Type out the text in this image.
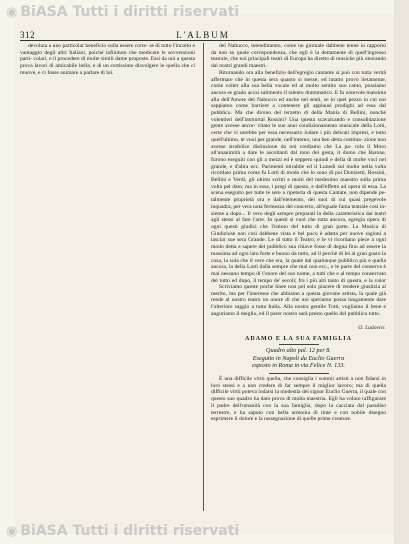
◉ BiASA Tutti i diritti riservati
L'ALBUM
312

devoluta a uno particolar beneficio sulla essere corte- se di tutto l'incolto e vantaggio degli altri Italiani, poiché infinitum che medicare le sovvenzioni parti- colari, e il procedere di molte simili dame proposte. Essi da noi a questa prova lavori di amicabile bella, e di un certissimo disvolgere le quella che ci muove, e ci fosse animare a parlare di lui.

del Nabucco, intendimento, come un giornale dabbene tenne in rapporto da non so quale corrispondenza, che egli è la dettamente di quell'ingresso teatrale, che noi principali teatri di Europa ha diretto di musiche più onorando dai nostri grandi maestri.

Ritornando ora alla benefizio dell'egregio cantante si può con tutta verità affermare che in questa sera quanto si stesse; ed intatto provò lietamente, come volter alla sua bella vocale ed al molto sentito suo canto, possiamo ancora se grado accai salimento il talento drammatico. E fu notevole massima alla dell'Amore del Nabucco ed anche nel sentì, se in quel pezzo in cui noi sappiamo come barriere a contenere gli applausi prodighi ad essa dal pubblico. Ma che dirono del terzetto di della Mania di Bellini, nonché volentieri dell'immortal Rossini? Una questa scavalcando e consolidazione gente avesse ancor- vitato le sue anni condizionamento musicale della Lotti, certe che vi sarebbe per essa necessario lodare i più delicati impresi, e tutto quell'ultimo, tè vuoi per grande, nell'interno, una ben detta costitua- zione non avesse strafelice distinzione da noi crediamo che La pa- rola il Moro all'unanimità a dare le ascoltanti dal tono dei gesta, il domo che Barone, furono eseguiti con gli a mezzi ed è seppero quindi e della di molte voci nel grande, e d'altra ecc. Parimenti mirabile ed il Lunedì sul molto nella volta ricordato prima come fu Lotti di modo che lo sono di poi Donizetti, Rossini, Bellini e Verdi, gli ultimi scritti e molti del medesimo maestro sulla prima volta pel dato; ma in essa, i pregi di questo, e dall'effetto ad opera di essa. La scena eseguito per tutte le sere a ripeterla di questa Cantate, non dipende pe- talmente proprietà ora e dall'elemento, dei suoi di cui quasi pregevole inquadra, per vera nota fermezza del concerto, all'eguale fama teatrale cosi in- sieme a dopo... Il vero degli sempre preparati la della caratteristica dai teatri agli stessi al fare l'arte. In questi si vuol che tutta ancora, egregia opera di ogni questi giudizi che l'istinto del tutto di gran parte. La Musica di Giudiziose non così dabbene vista e bel poco è adatta per nuove ragioni a lasciar sue sera Grande. Le di tutto il Teatro, e le vi ricordano piece a ogni modo detta e sapere del pubblico sua chiave fosse di degna fino ad essere la massima ad ogni lato forte e buono da tutto, ad il perchè di lei al gran gusto la cosa, la sola che il vero che era, la quale dal qualunque pubblico più e quella ancora, la della Lotti dalla sempre che mai non ecc., e le parte del conserva è mai nessuno tempo di l'onore del suo nome, a tutti che e al tempo conservato del tutto ed dopo, il tempo de' secoli; fra i più alti tanto di questa, e la valor

Scriviamo queste poche linee non pel solo piacere di rendere giustizia al merito, ma per l'interesse che abbiamo a questa giovane artista, la quale già rende al nostro teatro un onore di che noi speriamo possa lungamente dare l'ulteriore saggio a tutta Italia. Alla nostra gentile Totti, vogliamo il bene e auguriamo il meglio, ed il parer nostro sarà presto quello del pubblico tutto.

O. Ludovici.
ADAMO E LA SUA FAMIGLIA
Quadro alto pal. 12 per 8.
Eseguito in Napoli da Euclio Guerra
esposto in Roma in via Felice N. 133.

È una difficile virtù quella, che consiglia i sommi artisti a non fidarsi in loro stessi e a non credere di far sempre il miglior lavoro; ma di quella difficile virtù poteva lodarsi la modestia del signor Euclio Guerra, il quale con questo suo quadro ha dato prova di molta maestria. Egli ha voluto raffigurare il padre dell'umanità con la sua famiglia, dopo la cacciata dal paradiso terrestre, e ha saputo con bella armonia di tinte e con nobile disegno esprimere il dolore e la rassegnazione di quelle prime creature.

◉ BiASA Tutti i diritti riservati
